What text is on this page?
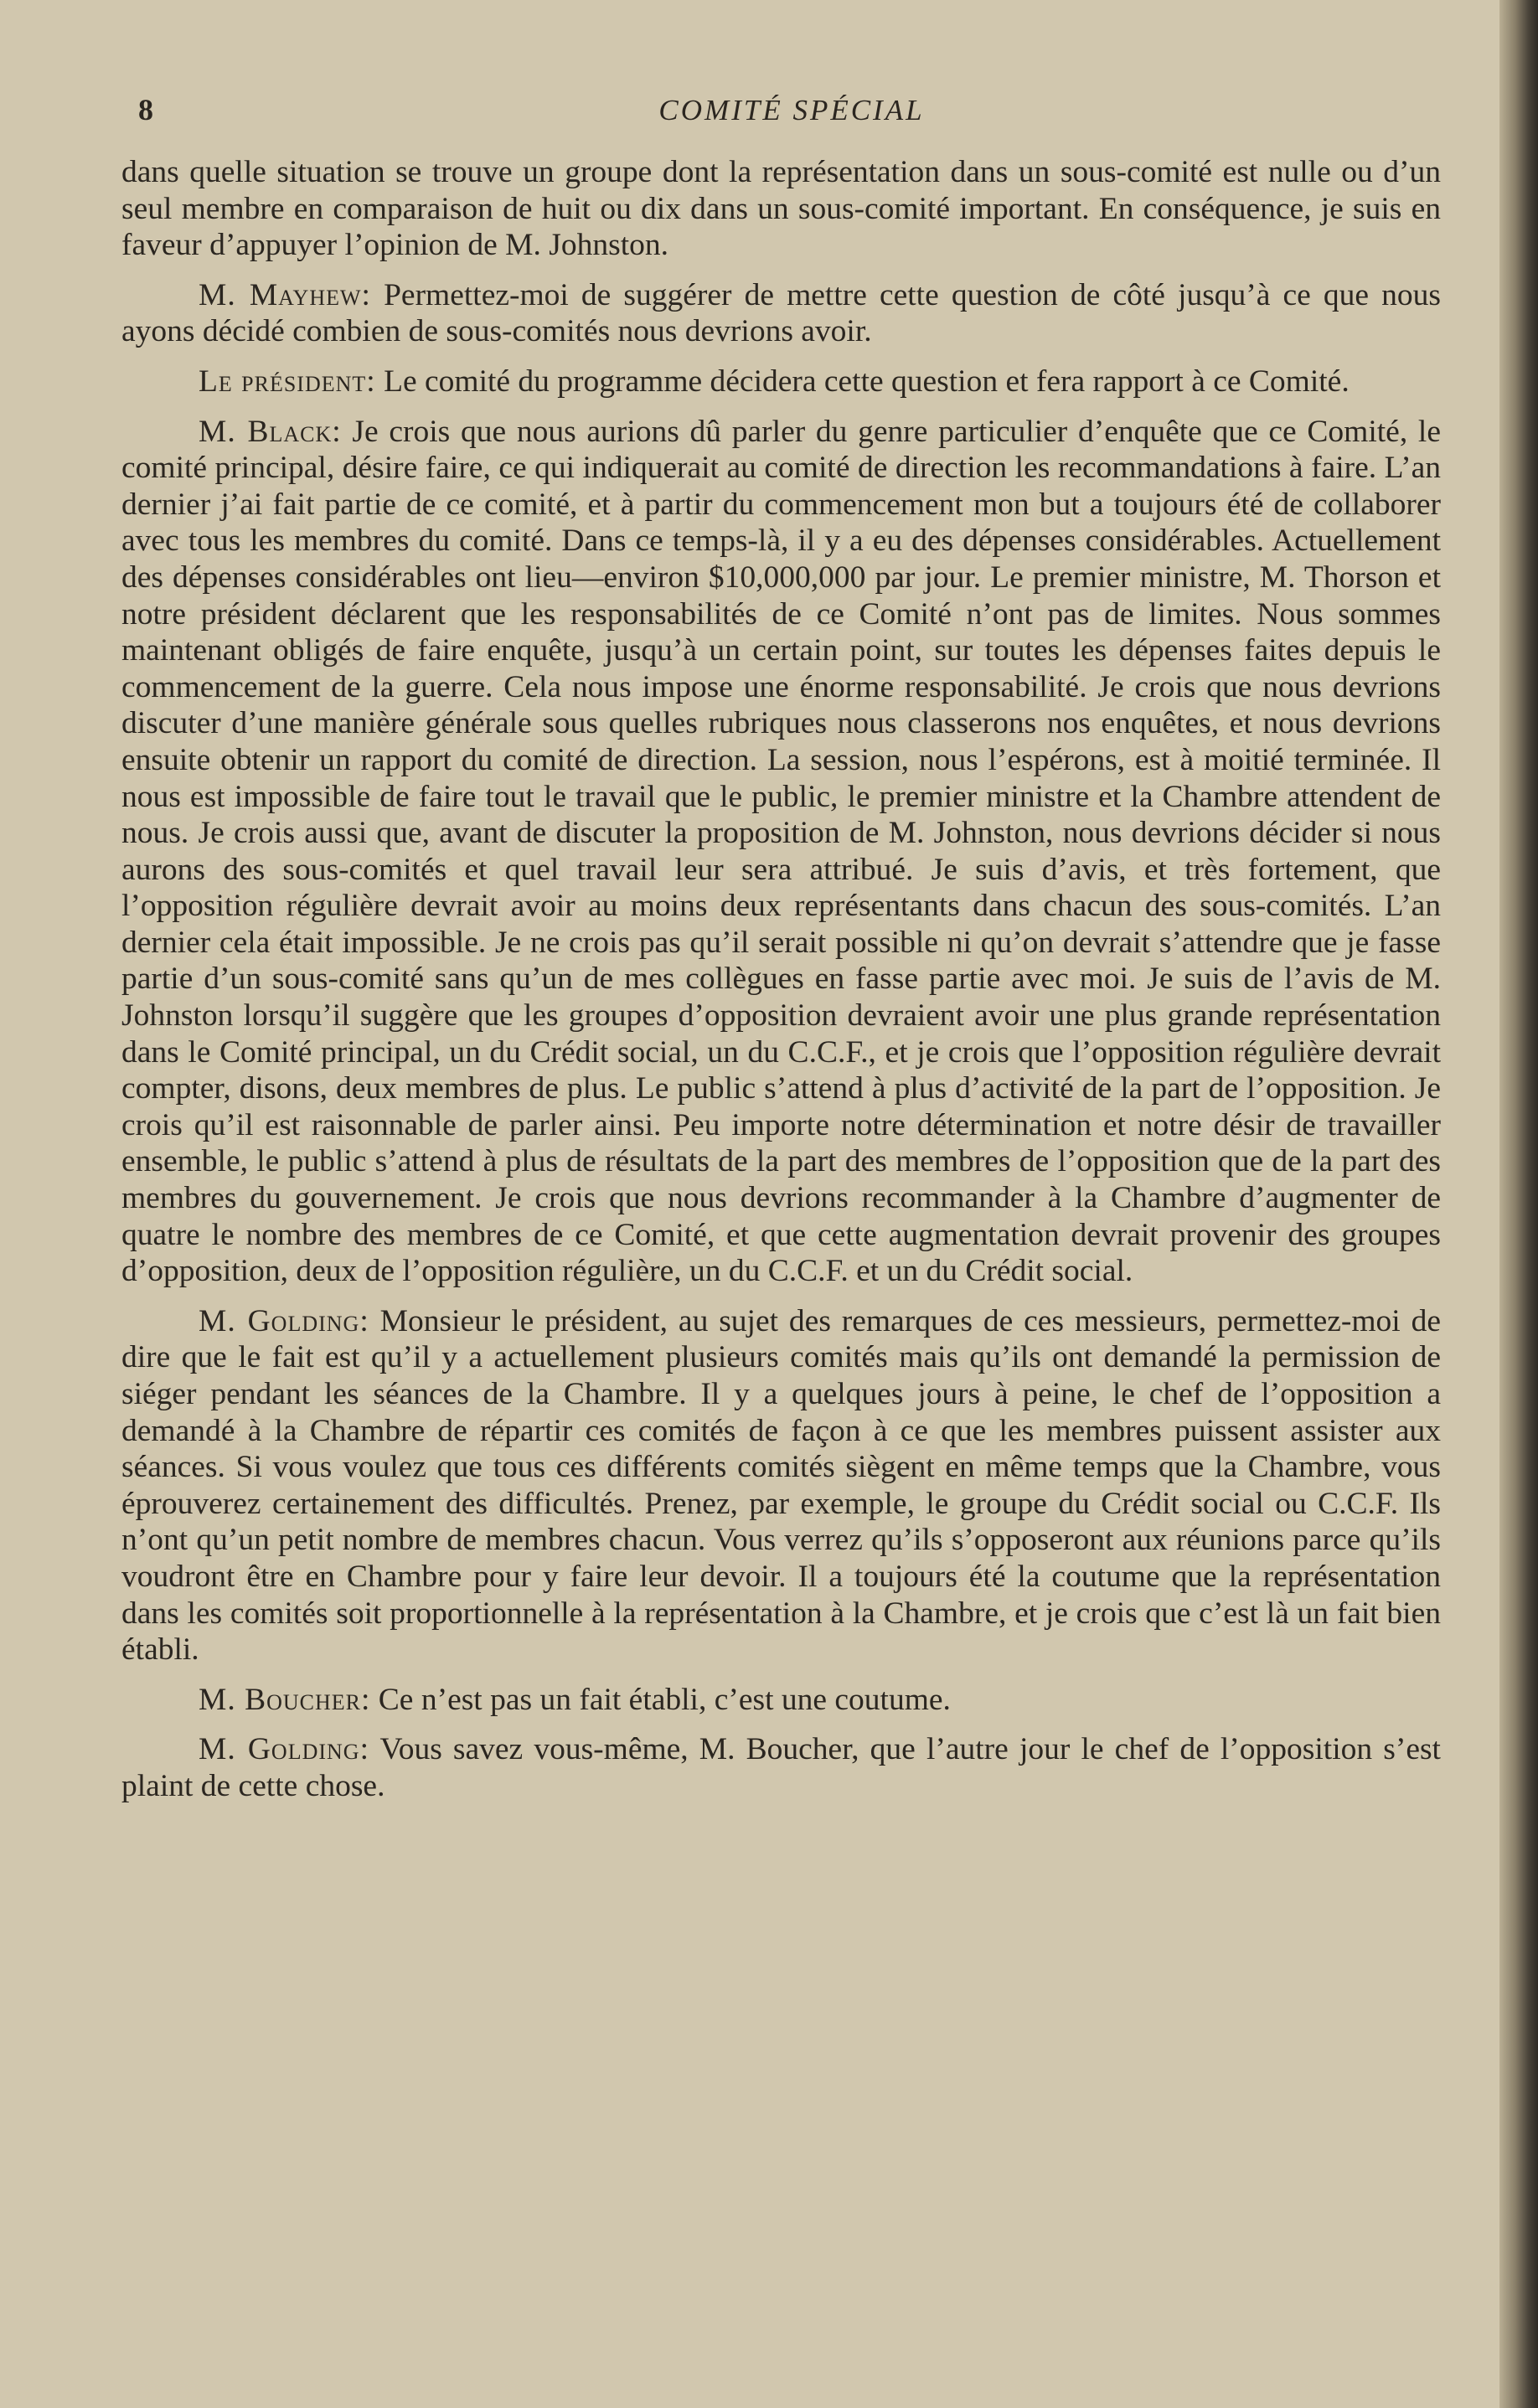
8	COMITÉ SPÉCIAL

dans quelle situation se trouve un groupe dont la représentation dans un sous-comité est nulle ou d’un seul membre en comparaison de huit ou dix dans un sous-comité important. En conséquence, je suis en faveur d’appuyer l’opinion de M. Johnston.

M. Mayhew: Permettez-moi de suggérer de mettre cette question de côté jusqu’à ce que nous ayons décidé combien de sous-comités nous devrions avoir.

Le président: Le comité du programme décidera cette question et fera rapport à ce Comité.

M. Black: Je crois que nous aurions dû parler du genre particulier d’enquête que ce Comité, le comité principal, désire faire, ce qui indiquerait au comité de direction les recommandations à faire. L’an dernier j’ai fait partie de ce comité, et à partir du commencement mon but a toujours été de collaborer avec tous les membres du comité. Dans ce temps-là, il y a eu des dépenses considérables. Actuellement des dépenses considérables ont lieu—environ $10,000,000 par jour. Le premier ministre, M. Thorson et notre président déclarent que les responsabilités de ce Comité n’ont pas de limites. Nous sommes maintenant obligés de faire enquête, jusqu’à un certain point, sur toutes les dépenses faites depuis le commencement de la guerre. Cela nous impose une énorme responsabilité. Je crois que nous devrions discuter d’une manière générale sous quelles rubriques nous classerons nos enquêtes, et nous devrions ensuite obtenir un rapport du comité de direction. La session, nous l’espérons, est à moitié terminée. Il nous est impossible de faire tout le travail que le public, le premier ministre et la Chambre attendent de nous. Je crois aussi que, avant de discuter la proposition de M. Johnston, nous devrions décider si nous aurons des sous-comités et quel travail leur sera attribué. Je suis d’avis, et très fortement, que l’opposition régulière devrait avoir au moins deux représentants dans chacun des sous-comités. L’an dernier cela était impossible. Je ne crois pas qu’il serait possible ni qu’on devrait s’attendre que je fasse partie d’un sous-comité sans qu’un de mes collègues en fasse partie avec moi. Je suis de l’avis de M. Johnston lorsqu’il suggère que les groupes d’opposition devraient avoir une plus grande représentation dans le Comité principal, un du Crédit social, un du C.C.F., et je crois que l’opposition régulière devrait compter, disons, deux membres de plus. Le public s’attend à plus d’activité de la part de l’opposition. Je crois qu’il est raisonnable de parler ainsi. Peu importe notre détermination et notre désir de travailler ensemble, le public s’attend à plus de résultats de la part des membres de l’opposition que de la part des membres du gouvernement. Je crois que nous devrions recommander à la Chambre d’augmenter de quatre le nombre des membres de ce Comité, et que cette augmentation devrait provenir des groupes d’opposition, deux de l’opposition régulière, un du C.C.F. et un du Crédit social.

M. Golding: Monsieur le président, au sujet des remarques de ces messieurs, permettez-moi de dire que le fait est qu’il y a actuellement plusieurs comités mais qu’ils ont demandé la permission de siéger pendant les séances de la Chambre. Il y a quelques jours à peine, le chef de l’opposition a demandé à la Chambre de répartir ces comités de façon à ce que les membres puissent assister aux séances. Si vous voulez que tous ces différents comités siègent en même temps que la Chambre, vous éprouverez certainement des difficultés. Prenez, par exemple, le groupe du Crédit social ou C.C.F. Ils n’ont qu’un petit nombre de membres chacun. Vous verrez qu’ils s’opposeront aux réunions parce qu’ils voudront être en Chambre pour y faire leur devoir. Il a toujours été la coutume que la représentation dans les comités soit proportionnelle à la représentation à la Chambre, et je crois que c’est là un fait bien établi.

M. Boucher: Ce n’est pas un fait établi, c’est une coutume.

M. Golding: Vous savez vous-même, M. Boucher, que l’autre jour le chef de l’opposition s’est plaint de cette chose.
